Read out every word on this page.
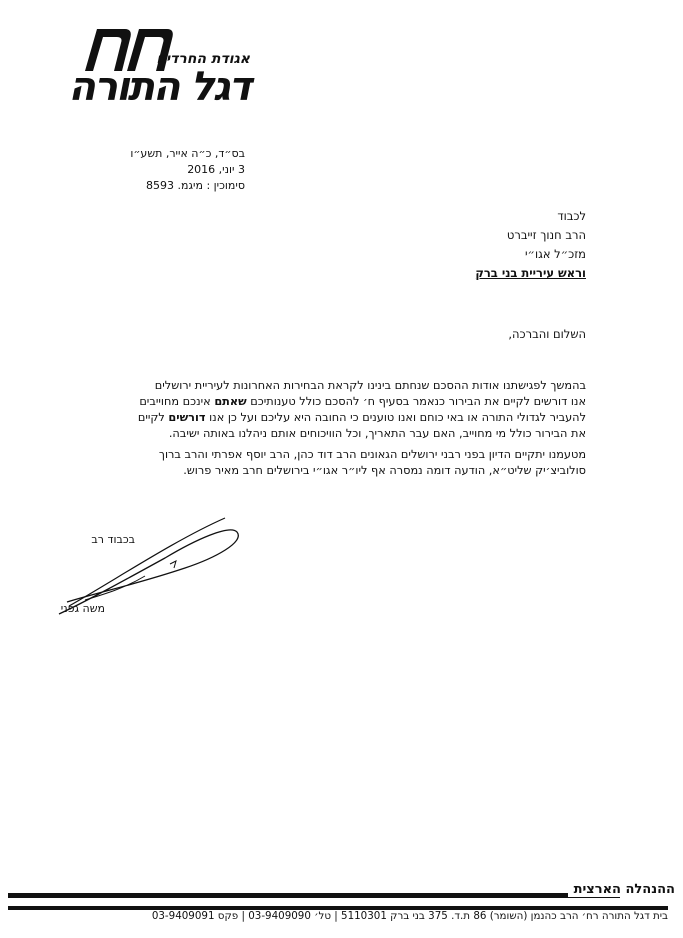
אגודת החרדים
דגל התורה
בס״ד, כ״ה אייר, תשע״ו
3 יוני, 2016
סימוכין : מיגמ. 8593
לכבוד
הרב חנוך זייברט
מזכ״ל אגו״י
וראש עיריית בני ברק
השלום והברכה,
בהמשך לפגישתנו אודות ההסכם שנחתם בינינו לקראת הבחירות האחרונות לעיריית ירושלים
אנו דורשים לקיים את הבירור כנאמר בסעיף ח׳ להסכם כולל טענותיכם שאתם אינכם מחוייבים
להעביר לגדולי התורה או באי כוחם ואנו טוענים כי החובה היא עליכם ועל כן אנו דורשים לקיים
את הבירור כולל מי מחוייב, האם עבר התאריך, וכל הוויכוחים אותם ניהלנו באותה ישיבה.
מטעמנו יתקיים הדיון בפני רבני ירושלים הגאונים הרב דוד כהן, הרב יוסף אפרתי והרב ברוך
סולוביצ׳יק שליט״א, הודעה דומה נמסרה אף ליו״ר אגו״י בירושלים חרב מאיר פרוש.
בכבוד רב
משה גפני
ההנהלה הארצית
בית דגל התורה רח׳ הרב כהנמן (השומר) 86 ת.ד. 375 בני ברק 5110301 | טל׳ 03-9409090 | פקס 03-9409091
